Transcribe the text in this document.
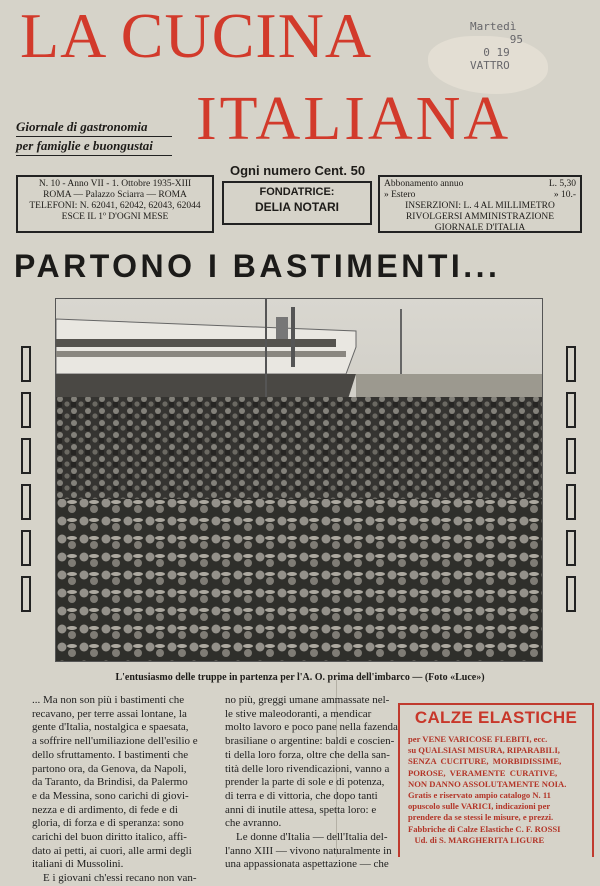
LA CUCINA	Martedì
95
0 19
VATTRO
Giornale di gastronomia
per famiglie e buongustai ITALIANA
Ogni numero Cent. 50
N. 10 - Anno VII - 1. Ottobre 1935-XIII
ROMA — Palazzo Sciarra — ROMA
TELEFONI: N. 62041, 62042, 62043, 62044
ESCE IL 1º D'OGNI MESE
FONDATRICE:
DELIA NOTARI
Abbonamento annuo	L. 5,30
» Estero	» 10.-
INSERZIONI: L. 4 AL MILLIMETRO
RIVOLGERSI AMMINISTRAZIONE
GIORNALE D'ITALIA
PARTONO I BASTIMENTI...
L'entusiasmo delle truppe in partenza per l'A. O. prima dell'imbarco — (Foto «Luce»)
... Ma non son più i bastimenti che
recavano, per terre assai lontane, la
gente d'Italia, nostalgica e spaesata,
a soffrire nell'umiliazione dell'esilio e
dello sfruttamento. I bastimenti che
partono ora, da Genova, da Napoli,
da Taranto, da Brindisi, da Palermo
e da Messina, sono carichi di giovi-
nezza e di ardimento, di fede e di
gloria, di forza e di speranza: sono
carichi del buon diritto italico, affi-
dato ai petti, ai cuori, alle armi degli
italiani di Mussolini.
E i giovani ch'essi recano non van-
no più, greggi umane ammassate nel-
le stive maleodoranti, a mendicar
molto lavoro e poco pane nella fazenda
brasiliane o argentine: baldi e coscien-
ti della loro forza, oltre che della san-
tità delle loro rivendicazioni, vanno a
prender la parte di sole e di potenza,
di terra e di vittoria, che dopo tanti
anni di inutile attesa, spetta loro: e
che avranno.
Le donne d'Italia — dell'Italia del-
l'anno XIII — vivono naturalmente in
una appassionata aspettazione — che
CALZE ELASTICHE
per VENE VARICOSE FLEBITI, ecc.
su QUALSIASI MISURA, RIPARABILI,
SENZA  CUCITURE,  MORBIDISSIME,
POROSE,  VERAMENTE  CURATIVE,
NON DANNO ASSOLUTAMENTE NOIA.
Gratis e riservato ampio catalogo N. 11
opuscolo sulle VARICI, indicazioni per
prendere da se stessi le misure, e prezzi.
Fabbriche di Calze Elastiche C. F. ROSSI
Ud. di S. MARGHERITA LIGURE
